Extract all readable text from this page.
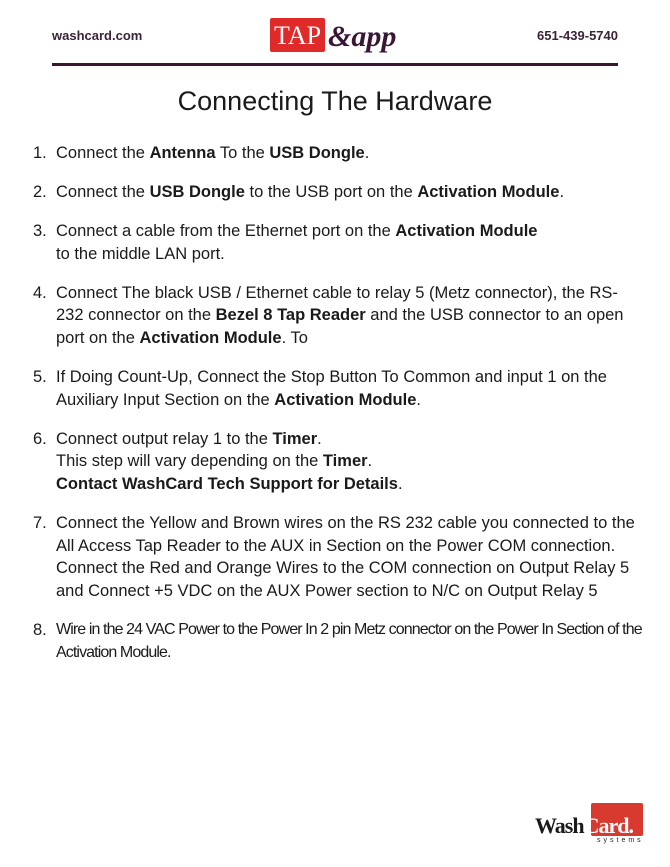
washcard.com	TAP &app	651-439-5740
Connecting The Hardware
1. Connect the Antenna To the USB Dongle.
2. Connect the USB Dongle to the USB port on the Activation Module.
3. Connect a cable from the Ethernet port on the Activation Module
to the middle LAN port.
4. Connect The black USB / Ethernet cable to relay 5 (Metz connector), the RS-232 connector on the Bezel 8 Tap Reader and the USB connector to an open port on the Activation Module. To
5. If Doing Count-Up, Connect the Stop Button To Common and input 1 on the Auxiliary Input Section on the Activation Module.
6. Connect output relay 1 to the Timer.
This step will vary depending on the Timer.
Contact WashCard Tech Support for Details.
7. Connect the Yellow and Brown wires on the RS 232 cable you connected to the All Access Tap Reader to the AUX in Section on the Power COM connection. Connect the Red and Orange Wires to the COM connection on Output Relay 5 and Connect +5 VDC on the AUX Power section to N/C on Output Relay 5
8. Wire in the 24 VAC Power to the Power In 2 pin Metz connector on the Power In Section of the Activation Module.
WashCard.
systems
